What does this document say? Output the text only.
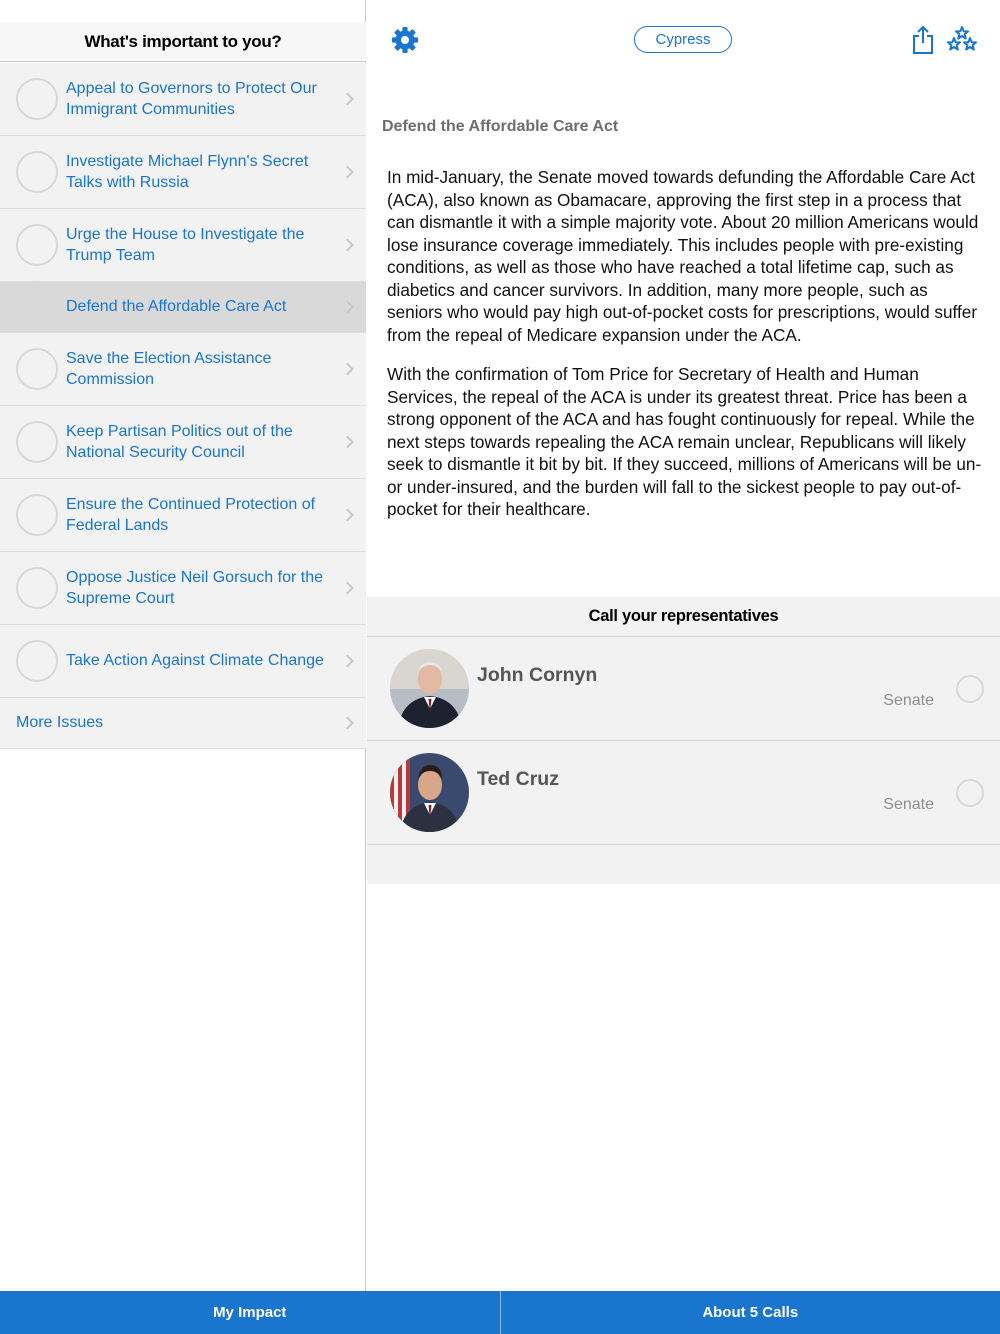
What's important to you?
Appeal to Governors to Protect Our Immigrant Communities
Investigate Michael Flynn's Secret Talks with Russia
Urge the House to Investigate the Trump Team
Defend the Affordable Care Act
Save the Election Assistance Commission
Keep Partisan Politics out of the National Security Council
Ensure the Continued Protection of Federal Lands
Oppose Justice Neil Gorsuch for the Supreme Court
Take Action Against Climate Change
More Issues
Cypress
Defend the Affordable Care Act

In mid-January, the Senate moved towards defunding the Affordable Care Act (ACA), also known as Obamacare, approving the first step in a process that can dismantle it with a simple majority vote. About 20 million Americans would lose insurance coverage immediately. This includes people with pre-existing conditions, as well as those who have reached a total lifetime cap, such as diabetics and cancer survivors. In addition, many more people, such as seniors who would pay high out-of-pocket costs for prescriptions, would suffer from the repeal of Medicare expansion under the ACA.

With the confirmation of Tom Price for Secretary of Health and Human Services, the repeal of the ACA is under its greatest threat. Price has been a strong opponent of the ACA and has fought continuously for repeal. While the next steps towards repealing the ACA remain unclear, Republicans will likely seek to dismantle it bit by bit. If they succeed, millions of Americans will be un- or under-insured, and the burden will fall to the sickest people to pay out-of-pocket for their healthcare.

Call your representatives
John Cornyn
Senate
Ted Cruz
Senate
My Impact	About 5 Calls
